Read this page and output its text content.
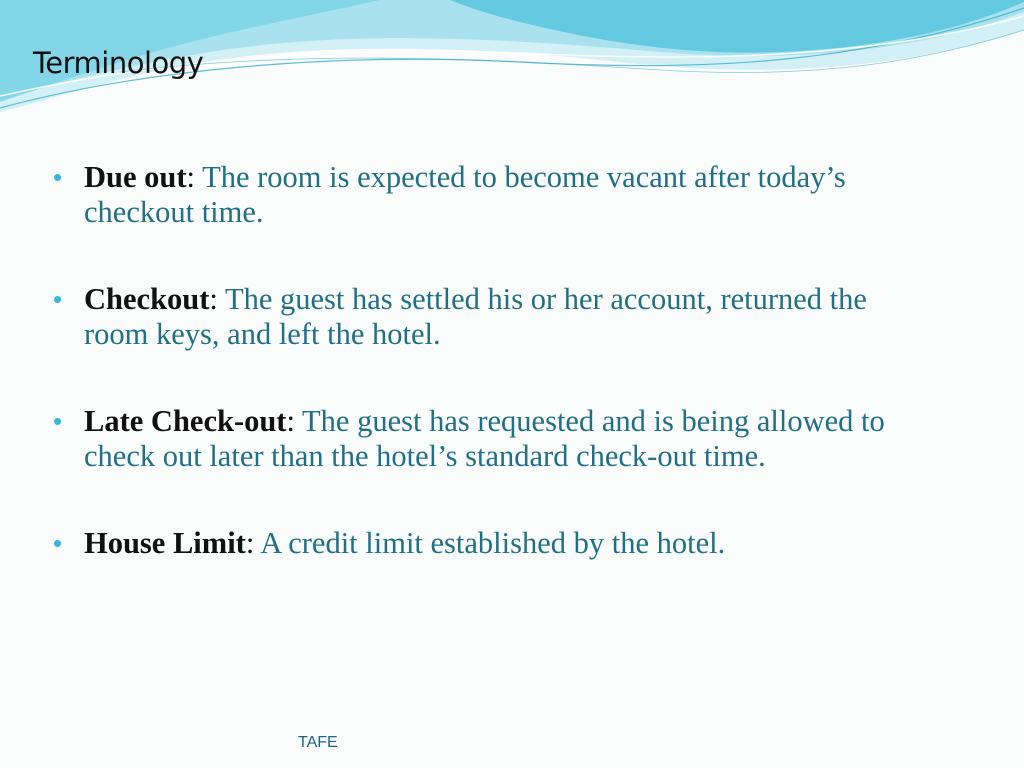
Terminology
• Due out: The room is expected to become vacant after today’s checkout time.
• Checkout: The guest has settled his or her account, returned the room keys, and left the hotel.
• Late Check-out: The guest has requested and is being allowed to check out later than the hotel’s standard check-out time.
• House Limit: A credit limit established by the hotel.
TAFE
